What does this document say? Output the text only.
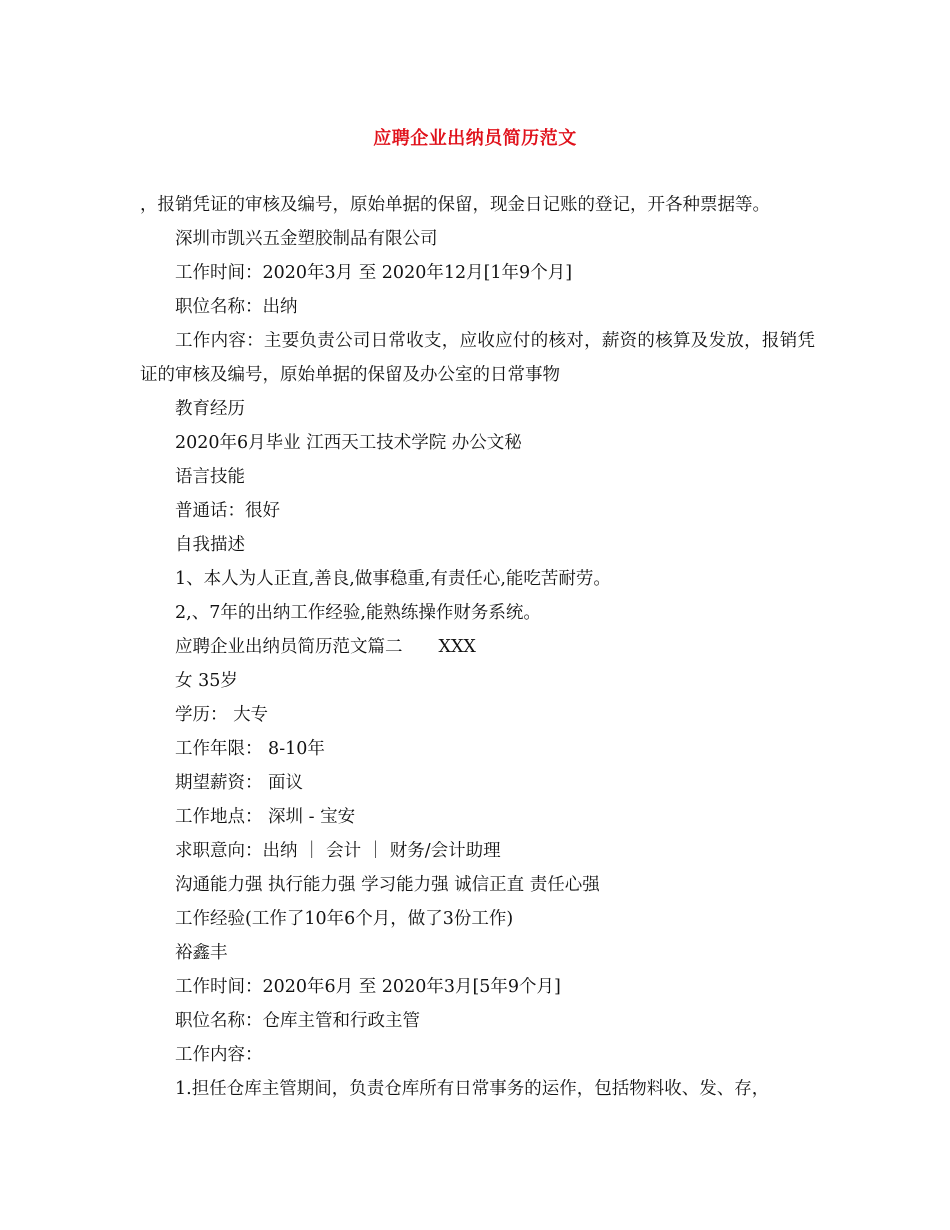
应聘企业出纳员简历范文

，报销凭证的审核及编号，原始单据的保留，现金日记账的登记，开各种票据等。

深圳市凯兴五金塑胶制品有限公司

工作时间：2020年3月 至 2020年12月[1年9个月]

职位名称：出纳

工作内容：主要负责公司日常收支，应收应付的核对，薪资的核算及发放，报销凭证的审核及编号，原始单据的保留及办公室的日常事物

教育经历

2020年6月毕业 江西天工技术学院 办公文秘

语言技能

普通话：很好

自我描述

1、本人为人正直,善良,做事稳重,有责任心,能吃苦耐劳。

2,、7年的出纳工作经验,能熟练操作财务系统。

应聘企业出纳员简历范文篇二 XXX

女 35岁

学历： 大专

工作年限： 8-10年

期望薪资： 面议

工作地点： 深圳 - 宝安

求职意向：出纳 ｜ 会计 ｜ 财务/会计助理

沟通能力强 执行能力强 学习能力强 诚信正直 责任心强

工作经验(工作了10年6个月，做了3份工作)

裕鑫丰

工作时间：2020年6月 至 2020年3月[5年9个月]

职位名称：仓库主管和行政主管

工作内容：

1.担任仓库主管期间，负责仓库所有日常事务的运作，包括物料收、发、存，
